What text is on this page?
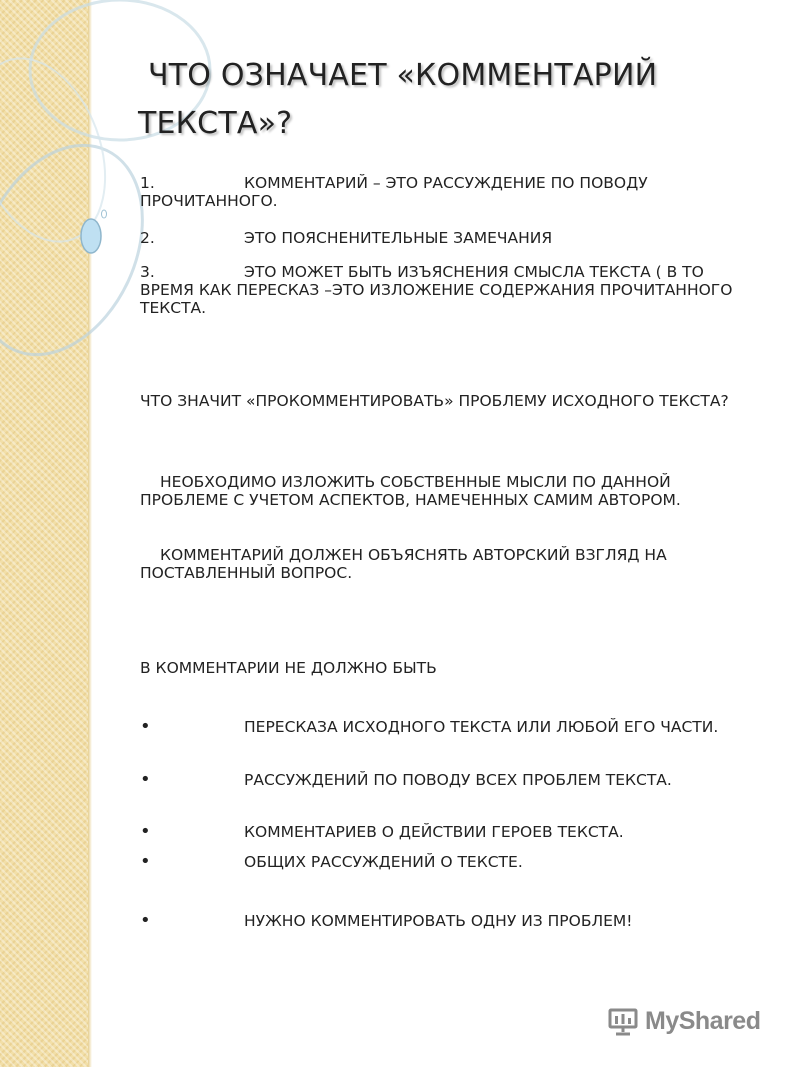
ЧТО ОЗНАЧАЕТ «КОММЕНТАРИЙ
ТЕКСТА»?
1.	КОММЕНТАРИЙ – ЭТО РАССУЖДЕНИЕ ПО ПОВОДУ ПРОЧИТАННОГО.
2.	ЭТО ПОЯСНЕНИТЕЛЬНЫЕ ЗАМЕЧАНИЯ
3.	ЭТО МОЖЕТ БЫТЬ ИЗЪЯСНЕНИЯ СМЫСЛА ТЕКСТА ( В ТО ВРЕМЯ КАК ПЕРЕСКАЗ –ЭТО ИЗЛОЖЕНИЕ СОДЕРЖАНИЯ ПРОЧИТАННОГО ТЕКСТА.
ЧТО ЗНАЧИТ «ПРОКОММЕНТИРОВАТЬ» ПРОБЛЕМУ ИСХОДНОГО ТЕКСТА?
НЕОБХОДИМО ИЗЛОЖИТЬ СОБСТВЕННЫЕ МЫСЛИ ПО ДАННОЙ ПРОБЛЕМЕ С УЧЕТОМ АСПЕКТОВ, НАМЕЧЕННЫХ САМИМ АВТОРОМ.
КОММЕНТАРИЙ ДОЛЖЕН ОБЪЯСНЯТЬ АВТОРСКИЙ ВЗГЛЯД НА ПОСТАВЛЕННЫЙ ВОПРОС.
В КОММЕНТАРИИ НЕ ДОЛЖНО БЫТЬ
•	ПЕРЕСКАЗА ИСХОДНОГО ТЕКСТА ИЛИ ЛЮБОЙ ЕГО ЧАСТИ.
•	РАССУЖДЕНИЙ ПО ПОВОДУ ВСЕХ ПРОБЛЕМ ТЕКСТА.
•	КОММЕНТАРИЕВ О ДЕЙСТВИИ ГЕРОЕВ ТЕКСТА.
•	ОБЩИХ РАССУЖДЕНИЙ О ТЕКСТЕ.
•	НУЖНО КОММЕНТИРОВАТЬ ОДНУ ИЗ ПРОБЛЕМ!
MyShared
